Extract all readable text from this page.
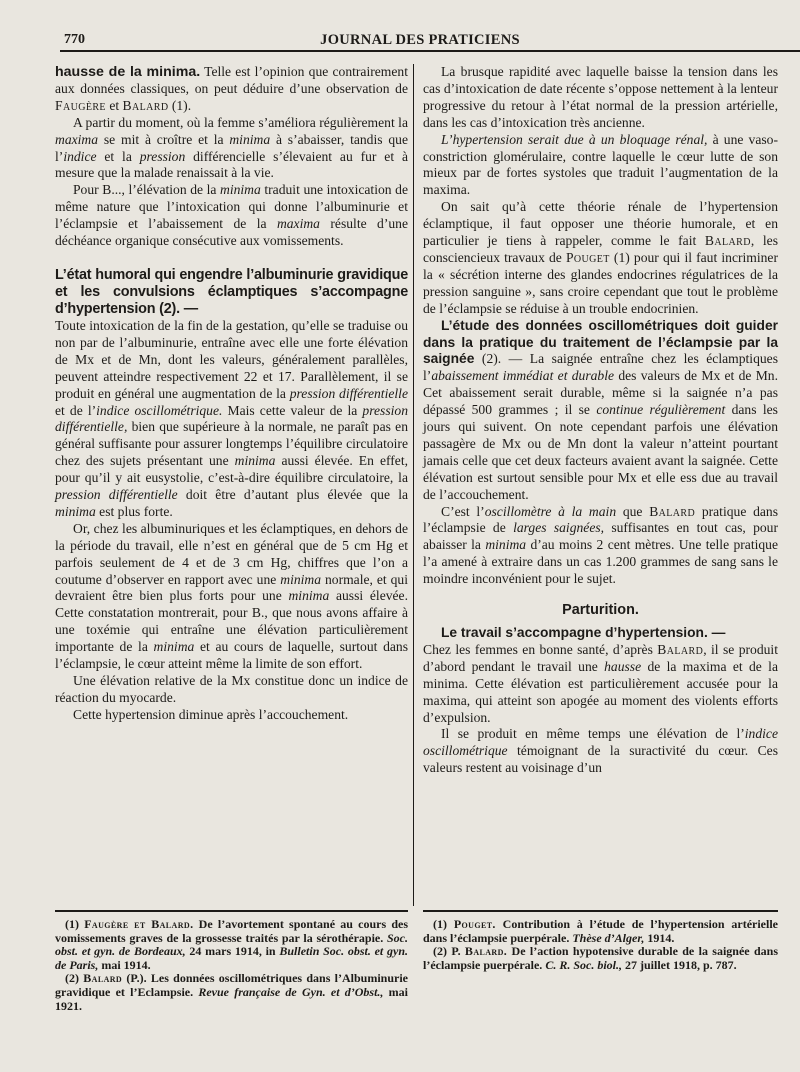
770	JOURNAL DES PRATICIENS

hausse de la minima. Telle est l’opinion que contrairement aux données classiques, on peut déduire d’une observation de Faugère et Balard (1).

A partir du moment, où la femme s’améliora régulièrement la maxima se mit à croître et la minima à s’abaisser, tandis que l’indice et la pression différencielle s’élevaient au fur et à mesure que la malade renaissait à la vie.

Pour B..., l’élévation de la minima traduit une intoxication de même nature que l’intoxication qui donne l’albuminurie et l’éclampsie et l’abaissement de la maxima résulte d’une déchéance organique consécutive aux vomissements.

L’état humoral qui engendre l’albuminurie gravidique et les convulsions éclamptiques s’accompagne d’hypertension (2). —

Toute intoxication de la fin de la gestation, qu’elle se traduise ou non par de l’albuminurie, entraîne avec elle une forte élévation de Mx et de Mn, dont les valeurs, généralement parallèles, peuvent atteindre respectivement 22 et 17. Parallèlement, il se produit en général une augmentation de la pression différentielle et de l’indice oscillométrique. Mais cette valeur de la pression différentielle, bien que supérieure à la normale, ne paraît pas en général suffisante pour assurer longtemps l’équilibre circulatoire chez des sujets présentant une minima aussi élevée. En effet, pour qu’il y ait eusystolie, c’est-à-dire équilibre circulatoire, la pression différentielle doit être d’autant plus élevée que la minima est plus forte.

Or, chez les albuminuriques et les éclamptiques, en dehors de la période du travail, elle n’est en général que de 5 cm Hg et parfois seulement de 4 et de 3 cm Hg, chiffres que l’on a coutume d’observer en rapport avec une minima normale, et qui devraient être bien plus forts pour une minima aussi élevée. Cette constatation montrerait, pour B., que nous avons affaire à une toxémie qui entraîne une élévation particulièrement importante de la minima et au cours de laquelle, surtout dans l’éclampsie, le cœur atteint même la limite de son effort.

Une élévation relative de la Mx constitue donc un indice de réaction du myocarde.

Cette hypertension diminue après l’accouchement.

La brusque rapidité avec laquelle baisse la tension dans les cas d’intoxication de date récente s’oppose nettement à la lenteur progressive du retour à l’état normal de la pression artérielle, dans les cas d’intoxication très ancienne.

L’hypertension serait due à un bloquage rénal, à une vaso-constriction glomérulaire, contre laquelle le cœur lutte de son mieux par de fortes systoles que traduit l’augmentation de la maxima.

On sait qu’à cette théorie rénale de l’hypertension éclamptique, il faut opposer une théorie humorale, et en particulier je tiens à rappeler, comme le fait Balard, les consciencieux travaux de Pouget (1) pour qui il faut incriminer la « sécrétion interne des glandes endocrines régulatrices de la pression sanguine », sans croire cependant que tout le problème de l’éclampsie se réduise à un trouble endocrinien.

L’étude des données oscillométriques doit guider dans la pratique du traitement de l’éclampsie par la saignée (2). — La saignée entraîne chez les éclamptiques l’abaissement immédiat et durable des valeurs de Mx et de Mn. Cet abaissement serait durable, même si la saignée n’a pas dépassé 500 grammes ; il se continue régulièrement dans les jours qui suivent. On note cependant parfois une élévation passagère de Mx ou de Mn dont la valeur n’atteint pourtant jamais celle que cet deux facteurs avaient avant la saignée. Cette élévation est surtout sensible pour Mx et elle ess due au travail de l’accouchement.

C’est l’oscillomètre à la main que Balard pratique dans l’éclampsie de larges saignées, suffisantes en tout cas, pour abaisser la minima d’au moins 2 cent mètres. Une telle pratique l’a amené à extraire dans un cas 1.200 grammes de sang sans le moindre inconvénient pour le sujet.

Parturition.

Le travail s’accompagne d’hypertension. —

Chez les femmes en bonne santé, d’après Balard, il se produit d’abord pendant le travail une hausse de la maxima et de la minima. Cette élévation est particulièrement accusée pour la maxima, qui atteint son apogée au moment des violents efforts d’expulsion.

Il se produit en même temps une élévation de l’indice oscillométrique témoignant de la suractivité du cœur. Ces valeurs restent au voisinage d’un

(1) Faugère et Balard. De l’avortement spontané au cours des vomissements graves de la grossesse traités par la sérothérapie. Soc. obst. et gyn. de Bordeaux, 24 mars 1914, in Bulletin Soc. obst. et gyn. de Paris, mai 1914.

(2) Balard (P.). Les données oscillométriques dans l’Albuminurie gravidique et l’Eclampsie. Revue française de Gyn. et d’Obst., mai 1921.

(1) Pouget. Contribution à l’étude de l’hypertension artérielle dans l’éclampsie puerpérale. Thèse d’Alger, 1914.

(2) P. Balard. De l’action hypotensive durable de la saignée dans l’éclampsie puerpérale. C. R. Soc. biol., 27 juillet 1918, p. 787.
